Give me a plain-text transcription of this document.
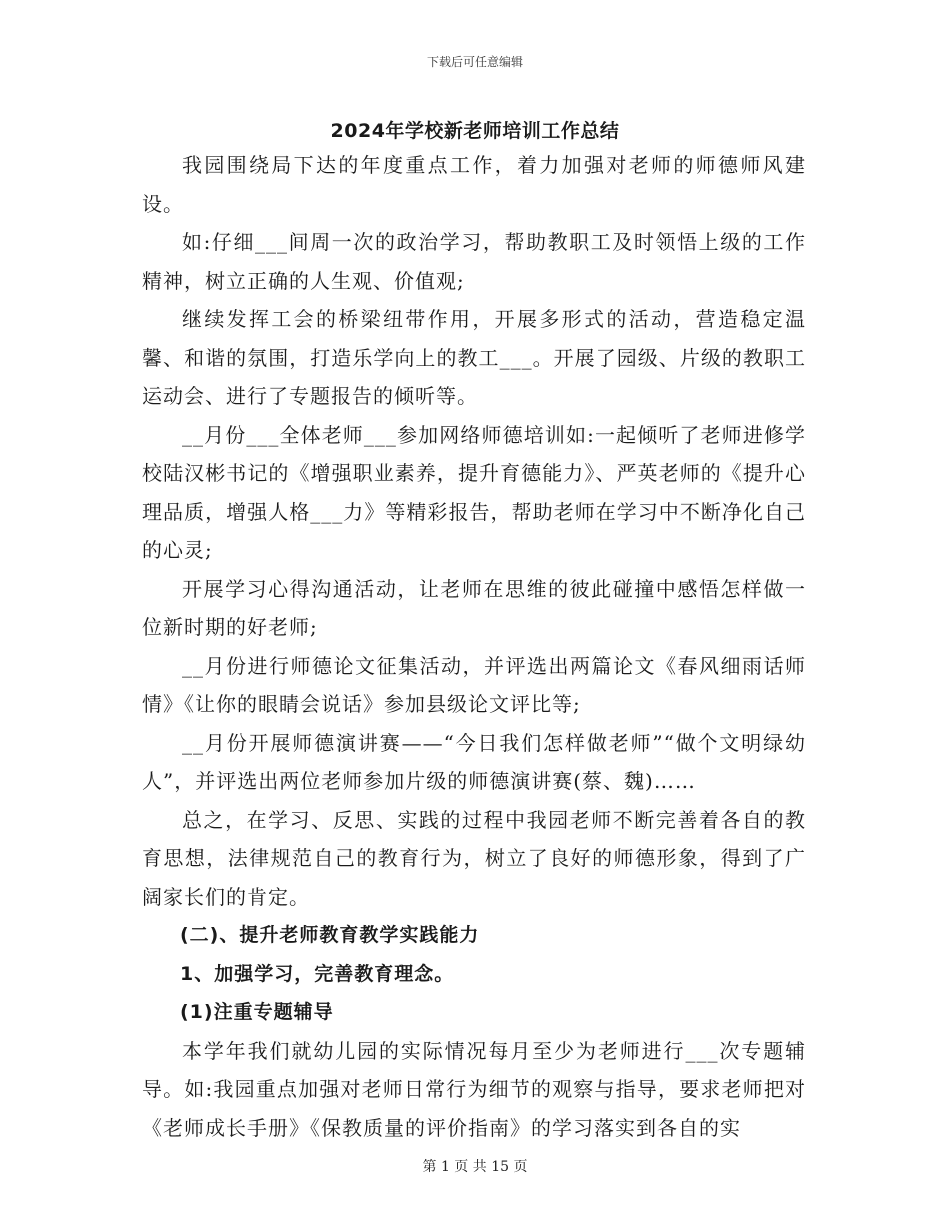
下载后可任意编辑
2024年学校新老师培训工作总结

我园围绕局下达的年度重点工作，着力加强对老师的师德师风建设。

如:仔细___间周一次的政治学习，帮助教职工及时领悟上级的工作精神，树立正确的人生观、价值观;

继续发挥工会的桥梁纽带作用，开展多形式的活动，营造稳定温馨、和谐的氛围，打造乐学向上的教工___。开展了园级、片级的教职工运动会、进行了专题报告的倾听等。

__月份___全体老师___参加网络师德培训如:一起倾听了老师进修学校陆汉彬书记的《增强职业素养，提升育德能力》、严英老师的《提升心理品质，增强人格___力》等精彩报告，帮助老师在学习中不断净化自己的心灵;

开展学习心得沟通活动，让老师在思维的彼此碰撞中感悟怎样做一位新时期的好老师;

__月份进行师德论文征集活动，并评选出两篇论文《春风细雨话师情》《让你的眼睛会说话》参加县级论文评比等;

__月份开展师德演讲赛——“今日我们怎样做老师”“做个文明绿幼人”，并评选出两位老师参加片级的师德演讲赛(蔡、魏)……

总之，在学习、反思、实践的过程中我园老师不断完善着各自的教育思想，法律规范自己的教育行为，树立了良好的师德形象，得到了广阔家长们的肯定。

(二)、提升老师教育教学实践能力

1、加强学习，完善教育理念。

(1)注重专题辅导

本学年我们就幼儿园的实际情况每月至少为老师进行___次专题辅导。如:我园重点加强对老师日常行为细节的观察与指导，要求老师把对《老师成长手册》《保教质量的评价指南》的学习落实到各自的实

第 1 页 共 15 页
